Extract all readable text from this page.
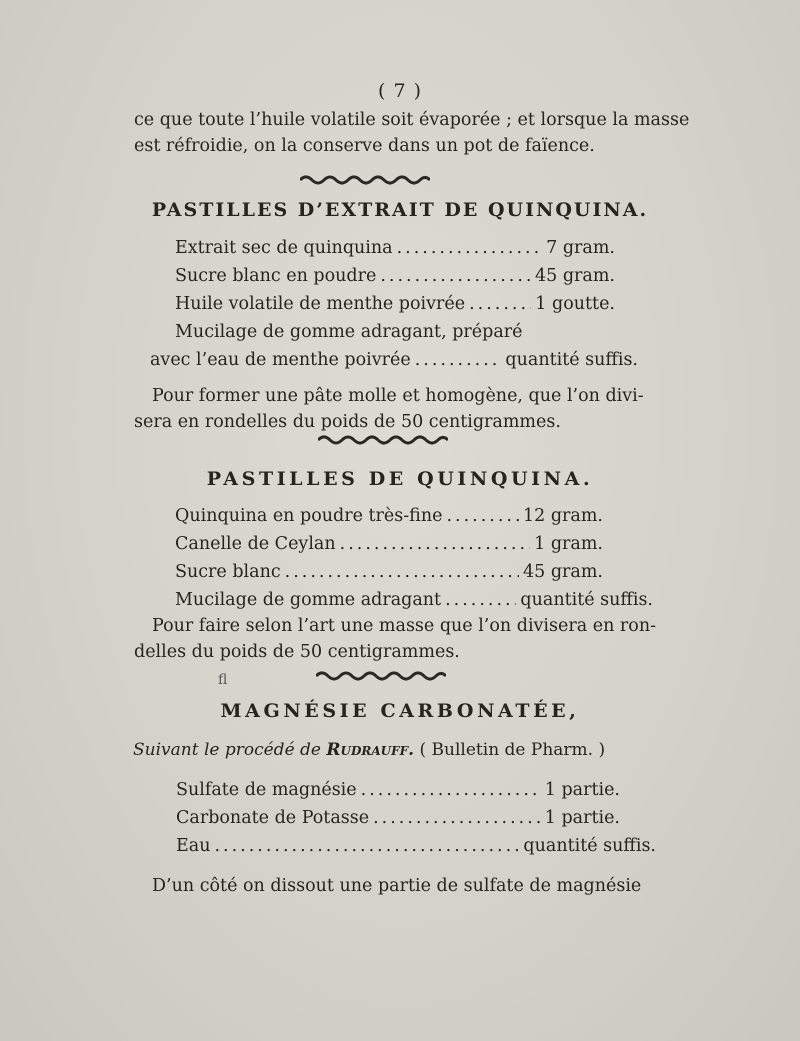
( 7 )
ce que toute l’huile volatile soit évaporée ; et lorsque la masse
est réfroidie, on la conserve dans un pot de faïence.
PASTILLES D’EXTRAIT DE QUINQUINA.
Extrait sec de quinquina .....	7 gram.
Sucre blanc en poudre .....	45 gram.
Huile volatile de menthe poivrée .....	1 goutte.
Mucilage de gomme adragant, préparé
avec l’eau de menthe poivrée .....	quantité suffis.
Pour former une pâte molle et homogène, que l’on divi-
sera en rondelles du poids de 50 centigrammes.
PASTILLES DE QUINQUINA.
Quinquina en poudre très-fine .....	12 gram.
Canelle de Ceylan .....	1 gram.
Sucre blanc .....	45 gram.
Mucilage de gomme adragant .....	quantité suffis.
Pour faire selon l’art une masse que l’on divisera en ron-
delles du poids de 50 centigrammes.
ﬂ
MAGNÉSIE CARBONATÉE,
Suivant le procédé de Rudrauff. ( Bulletin de Pharm. )
Sulfate de magnésie .....	1 partie.
Carbonate de Potasse .....	1 partie.
Eau .....	quantité suffis.
D’un côté on dissout une partie de sulfate de magnésie
